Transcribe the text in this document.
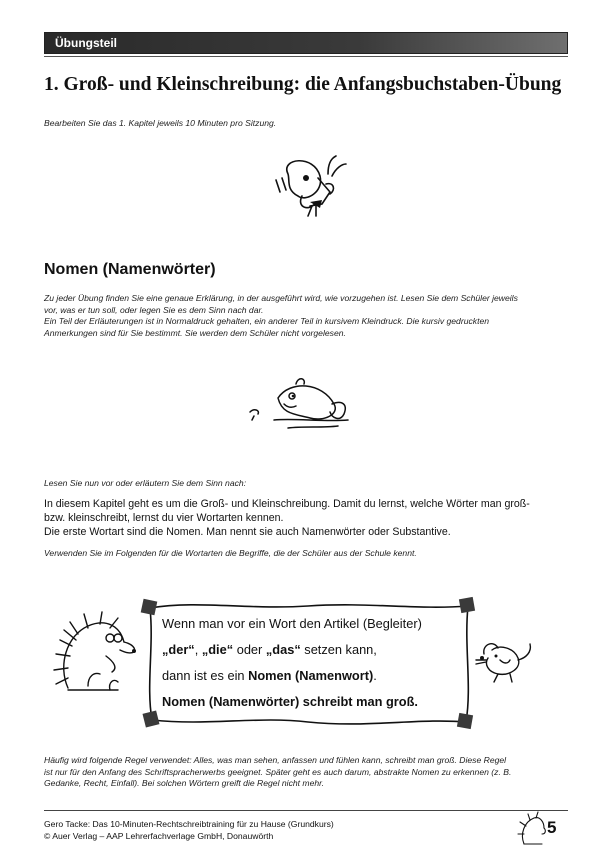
Übungsteil
1. Groß- und Kleinschreibung: die Anfangsbuchstaben-Übung
Bearbeiten Sie das 1. Kapitel jeweils 10 Minuten pro Sitzung.
Nomen (Namenwörter)
Zu jeder Übung finden Sie eine genaue Erklärung, in der ausgeführt wird, wie vorzugehen ist. Lesen Sie dem Schüler jeweils
vor, was er tun soll, oder legen Sie es dem Sinn nach dar.
Ein Teil der Erläuterungen ist in Normaldruck gehalten, ein anderer Teil in kursivem Kleindruck. Die kursiv gedruckten
Anmerkungen sind für Sie bestimmt. Sie werden dem Schüler nicht vorgelesen.
Lesen Sie nun vor oder erläutern Sie dem Sinn nach:
In diesem Kapitel geht es um die Groß- und Kleinschreibung. Damit du lernst, welche Wörter man groß-
bzw. kleinschreibt, lernst du vier Wortarten kennen.
Die erste Wortart sind die Nomen. Man nennt sie auch Namenwörter oder Substantive.
Verwenden Sie im Folgenden für die Wortarten die Begriffe, die der Schüler aus der Schule kennt.
Wenn man vor ein Wort den Artikel (Begleiter)
„der“, „die“ oder „das“ setzen kann,
dann ist es ein Nomen (Namenwort).
Nomen (Namenwörter) schreibt man groß.
Häufig wird folgende Regel verwendet: Alles, was man sehen, anfassen und fühlen kann, schreibt man groß. Diese Regel
ist nur für den Anfang des Schriftspracherwerbs geeignet. Später geht es auch darum, abstrakte Nomen zu erkennen (z. B.
Gedanke, Recht, Einfall). Bei solchen Wörtern greift die Regel nicht mehr.
Gero Tacke: Das 10-Minuten-Rechtschreibtraining für zu Hause (Grundkurs)
© Auer Verlag – AAP Lehrerfachverlage GmbH, Donauwörth	5
